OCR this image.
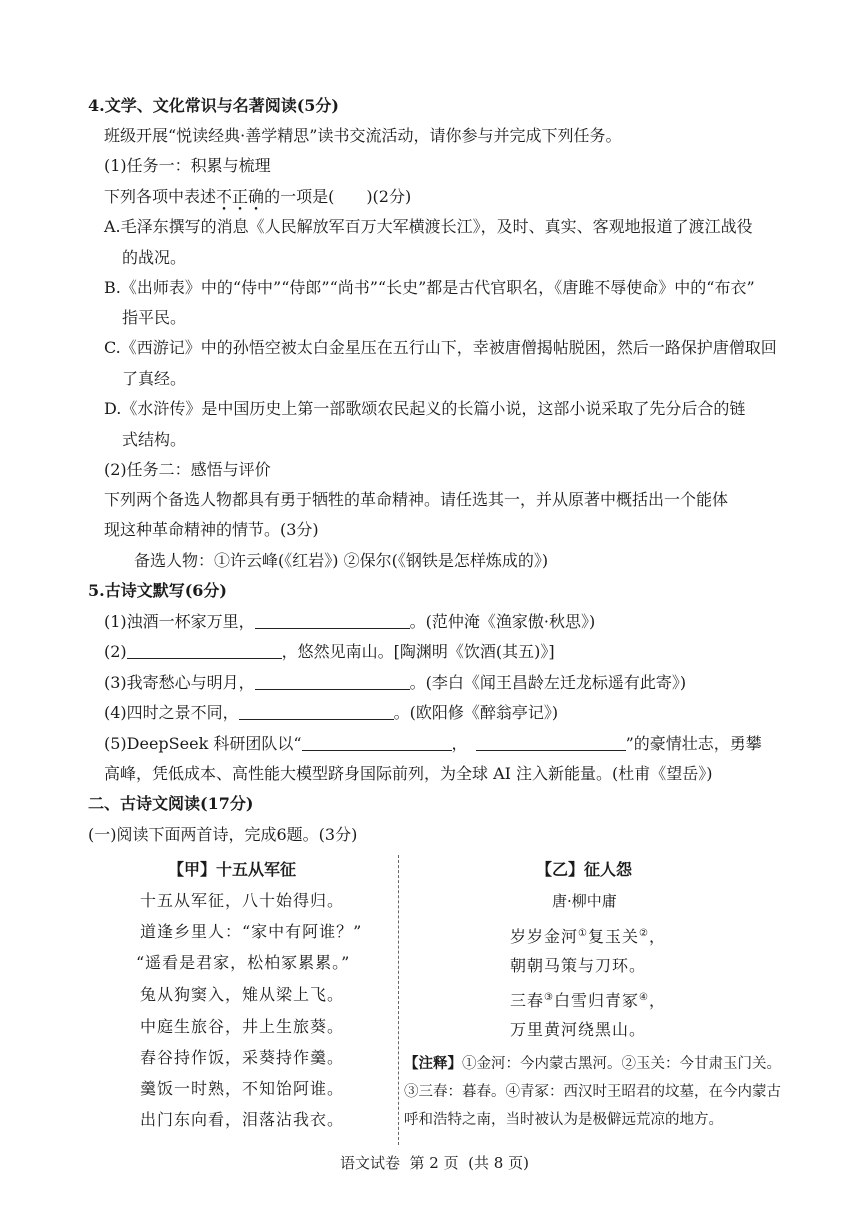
4.文学、文化常识与名著阅读(5分)
班级开展“悦读经典·善学精思”读书交流活动，请你参与并完成下列任务。
(1)任务一：积累与梳理
下列各项中表述不正确的一项是( )(2分)
A.毛泽东撰写的消息《人民解放军百万大军横渡长江》，及时、真实、客观地报道了渡江战役
的战况。
B.《出师表》中的“侍中”“侍郎”“尚书”“长史”都是古代官职名，《唐雎不辱使命》中的“布衣”
指平民。
C.《西游记》中的孙悟空被太白金星压在五行山下，幸被唐僧揭帖脱困，然后一路保护唐僧取回
了真经。
D.《水浒传》是中国历史上第一部歌颂农民起义的长篇小说，这部小说采取了先分后合的链
式结构。
(2)任务二：感悟与评价
下列两个备选人物都具有勇于牺牲的革命精神。请任选其一，并从原著中概括出一个能体
现这种革命精神的情节。(3分)
备选人物：①许云峰(《红岩》) ②保尔(《钢铁是怎样炼成的》)
5.古诗文默写(6分)
(1)浊酒一杯家万里，	。(范仲淹《渔家傲·秋思》)
(2)	，悠然见南山。[陶渊明《饮酒(其五)》]
(3)我寄愁心与明月，	。(李白《闻王昌龄左迁龙标遥有此寄》)
(4)四时之景不同，	。(欧阳修《醉翁亭记》)
(5)DeepSeek 科研团队以“	，	”的豪情壮志，勇攀
高峰，凭低成本、高性能大模型跻身国际前列，为全球 AI 注入新能量。(杜甫《望岳》)
二、古诗文阅读(17分)
(一)阅读下面两首诗，完成6题。(3分)
【甲】十五从军征
十五从军征，八十始得归。
道逢乡里人：“家中有阿谁？”
“遥看是君家，松柏冢累累。”
兔从狗窦入，雉从梁上飞。
中庭生旅谷，井上生旅葵。
舂谷持作饭，采葵持作羹。
羹饭一时熟，不知饴阿谁。
出门东向看，泪落沾我衣。
【乙】征人怨
唐·柳中庸
岁岁金河①复玉关②，
朝朝马策与刀环。
三春③白雪归青冢④，
万里黄河绕黑山。
【注释】①金河：今内蒙古黑河。②玉关：今甘肃玉门关。
③三春：暮春。④青冢：西汉时王昭君的坟墓，在今内蒙古
呼和浩特之南，当时被认为是极僻远荒凉的地方。
语文试卷  第 2 页  (共 8 页)
